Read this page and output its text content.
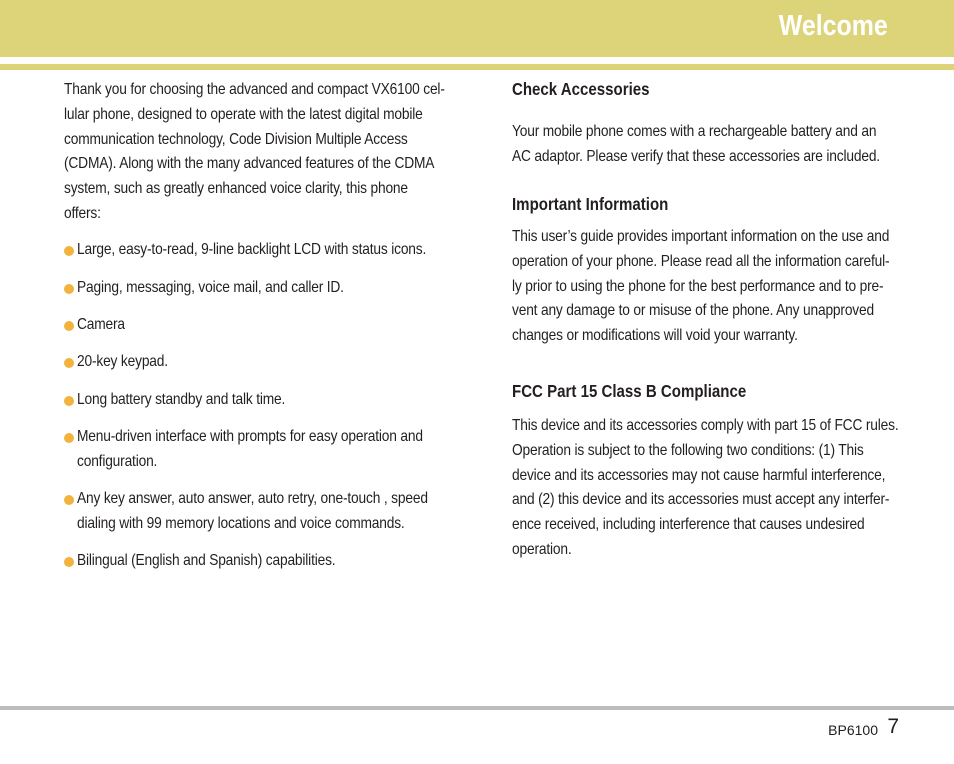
Welcome
Thank you for choosing the advanced and compact VX6100 cel-
lular phone, designed to operate with the latest digital mobile
communication technology, Code Division Multiple Access
(CDMA). Along with the many advanced features of the CDMA
system, such as greatly enhanced voice clarity, this phone
offers:
Large, easy-to-read, 9-line backlight LCD with status icons.
Paging, messaging, voice mail, and caller ID.
Camera
20-key keypad.
Long battery standby and talk time.
Menu-driven interface with prompts for easy operation and
configuration.
Any key answer, auto answer, auto retry, one-touch , speed
dialing with 99 memory locations and voice commands.
Bilingual (English and Spanish) capabilities.
Check Accessories
Your mobile phone comes with a rechargeable battery and an
AC adaptor. Please verify that these accessories are included.
Important Information
This user’s guide provides important information on the use and
operation of your phone. Please read all the information careful-
ly prior to using the phone for the best performance and to pre-
vent any damage to or misuse of the phone. Any unapproved
changes or modifications will void your warranty.
FCC Part 15 Class B Compliance
This device and its accessories comply with part 15 of FCC rules.
Operation is subject to the following two conditions: (1) This
device and its accessories may not cause harmful interference,
and (2) this device and its accessories must accept any interfer-
ence received, including interference that causes undesired
operation.
BP6100 7
